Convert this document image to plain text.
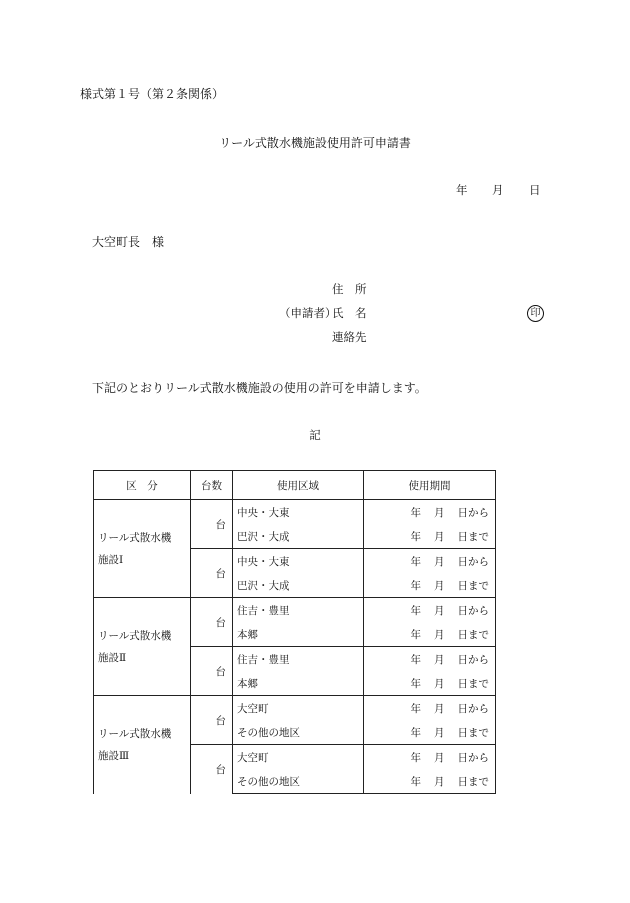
様式第１号（第２条関係）
リール式散水機施設使用許可申請書
年 月 日
大空町長　様
住　所
（申請者）
氏　名	印
連絡先
下記のとおりリール式散水機施設の使用の許可を申請します。
記
区　分	台数	使用区域	使用期間
リール式散水機
施設Ⅰ	台	中央・大東	年 月 日から

		巴沢・大成	年 月 日まで

	台	中央・大東	年 月 日から

		巴沢・大成	年 月 日まで

リール式散水機
施設Ⅱ	台	住吉・豊里	年 月 日から

		本郷	年 月 日まで

	台	住吉・豊里	年 月 日から

		本郷	年 月 日まで

リール式散水機
施設Ⅲ	台	大空町	年 月 日から

		その他の地区	年 月 日まで

	台	大空町	年 月 日から

		その他の地区	年 月 日まで
